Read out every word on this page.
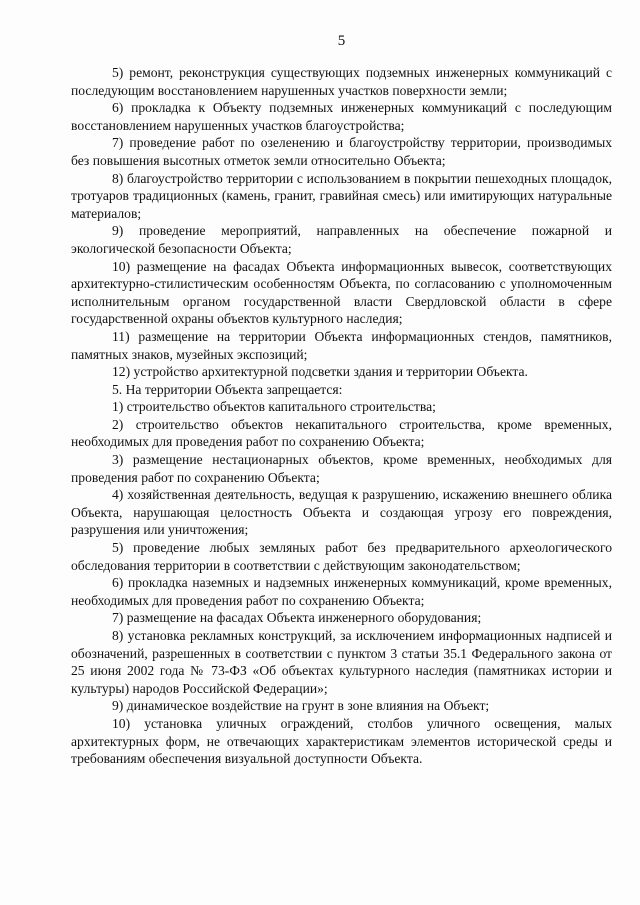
5

5) ремонт, реконструкция существующих подземных инженерных коммуникаций с последующим восстановлением нарушенных участков поверхности земли;

6) прокладка к Объекту подземных инженерных коммуникаций с последующим восстановлением нарушенных участков благоустройства;

7) проведение работ по озеленению и благоустройству территории, производимых без повышения высотных отметок земли относительно Объекта;

8) благоустройство территории с использованием в покрытии пешеходных площадок, тротуаров традиционных (камень, гранит, гравийная смесь) или имитирующих натуральные материалов;

9) проведение мероприятий, направленных на обеспечение пожарной и экологической безопасности Объекта;

10) размещение на фасадах Объекта информационных вывесок, соответствующих архитектурно-стилистическим особенностям Объекта, по согласованию с уполномоченным исполнительным органом государственной власти Свердловской области в сфере государственной охраны объектов культурного наследия;

11) размещение на территории Объекта информационных стендов, памятников, памятных знаков, музейных экспозиций;

12) устройство архитектурной подсветки здания и территории Объекта.

5. На территории Объекта запрещается:

1) строительство объектов капитального строительства;

2) строительство объектов некапитального строительства, кроме временных, необходимых для проведения работ по сохранению Объекта;

3) размещение нестационарных объектов, кроме временных, необходимых для проведения работ по сохранению Объекта;

4) хозяйственная деятельность, ведущая к разрушению, искажению внешнего облика Объекта, нарушающая целостность Объекта и создающая угрозу его повреждения, разрушения или уничтожения;

5) проведение любых земляных работ без предварительного археологического обследования территории в соответствии с действующим законодательством;

6) прокладка наземных и надземных инженерных коммуникаций, кроме временных, необходимых для проведения работ по сохранению Объекта;

7) размещение на фасадах Объекта инженерного оборудования;

8) установка рекламных конструкций, за исключением информационных надписей и обозначений, разрешенных в соответствии с пунктом 3 статьи 35.1 Федерального закона от 25 июня 2002 года № 73-ФЗ «Об объектах культурного наследия (памятниках истории и культуры) народов Российской Федерации»;

9) динамическое воздействие на грунт в зоне влияния на Объект;

10) установка уличных ограждений, столбов уличного освещения, малых архитектурных форм, не отвечающих характеристикам элементов исторической среды и требованиям обеспечения визуальной доступности Объекта.
